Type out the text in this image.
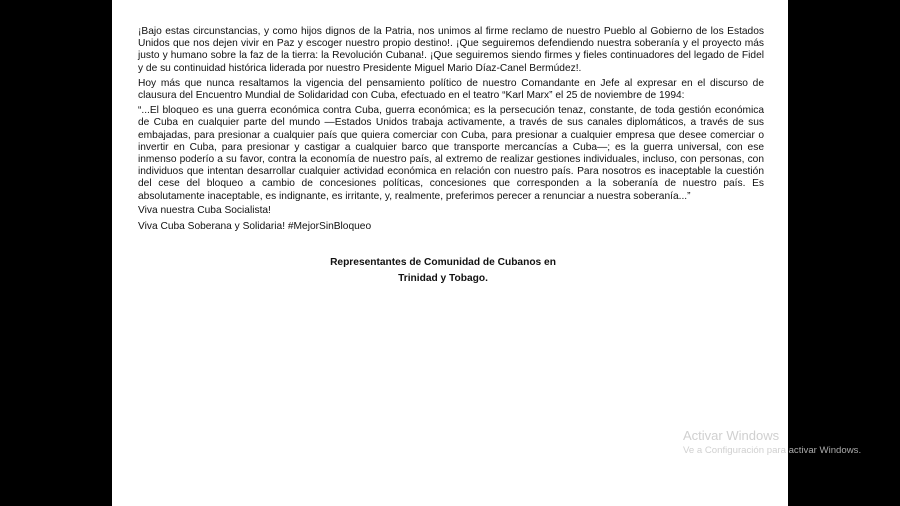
¡Bajo estas circunstancias, y como hijos dignos de la Patria, nos unimos al firme reclamo de nuestro Pueblo al Gobierno de los Estados Unidos que nos dejen vivir en Paz y escoger nuestro propio destino!. ¡Que seguiremos defendiendo nuestra soberanía y el proyecto más justo y humano sobre la faz de la tierra: la Revolución Cubana!. ¡Que seguiremos siendo firmes y fieles continuadores del legado de Fidel y de su continuidad histórica liderada por nuestro Presidente Miguel Mario Díaz-Canel Bermúdez!.

Hoy más que nunca resaltamos la vigencia del pensamiento político de nuestro Comandante en Jefe al expresar en el discurso de clausura del Encuentro Mundial de Solidaridad con Cuba, efectuado en el teatro “Karl Marx” el 25 de noviembre de 1994:

“...El bloqueo es una guerra económica contra Cuba, guerra económica; es la persecución tenaz, constante, de toda gestión económica de Cuba en cualquier parte del mundo —Estados Unidos trabaja activamente, a través de sus canales diplomáticos, a través de sus embajadas, para presionar a cualquier país que quiera comerciar con Cuba, para presionar a cualquier empresa que desee comerciar o invertir en Cuba, para presionar y castigar a cualquier barco que transporte mercancías a Cuba—; es la guerra universal, con ese inmenso poderío a su favor, contra la economía de nuestro país, al extremo de realizar gestiones individuales, incluso, con personas, con individuos que intentan desarrollar cualquier actividad económica en relación con nuestro país. Para nosotros es inaceptable la cuestión del cese del bloqueo a cambio de concesiones políticas, concesiones que corresponden a la soberanía de nuestro país. Es absolutamente inaceptable, es indignante, es irritante, y, realmente, preferimos perecer a renunciar a nuestra soberanía...”

Viva nuestra Cuba Socialista!
Viva Cuba Soberana y Solidaria! #MejorSinBloqueo
Representantes de Comunidad de Cubanos en
Trinidad y Tobago.
Activar Windows
Ve a Configuración para activar Windows.
